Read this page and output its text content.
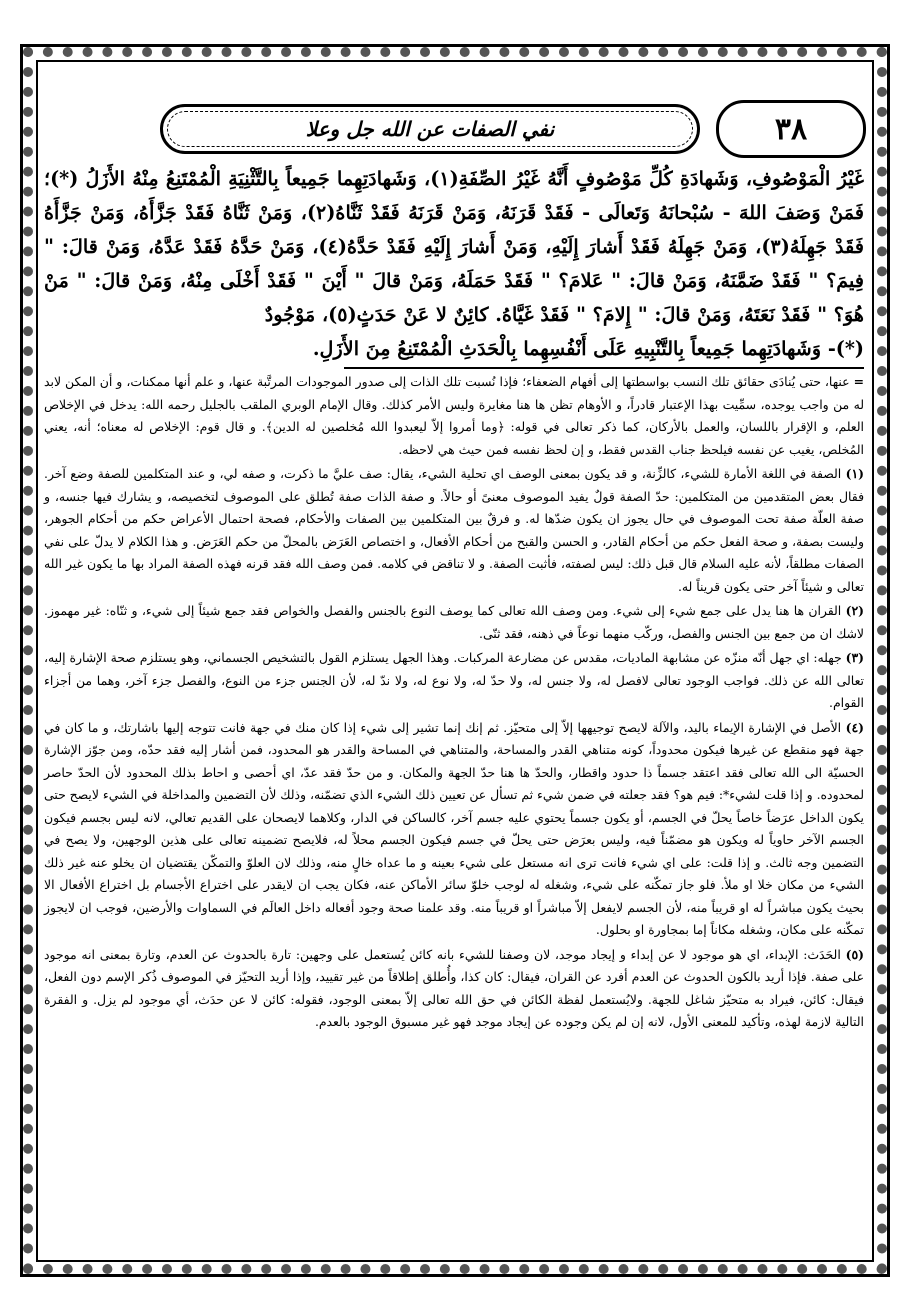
نفي الصفات عن الله جل وعلا	٣٨

غَيْرُ الْمَوْصُوفِ، وَشَهادَةِ كُلِّ مَوْصُوفٍ أَنَّهُ غَيْرُ الصِّفَةِ(١)، وَشَهادَتِهِما جَمِيعاً بِالتَّثْنِيَةِ الْمُمْتَنِعُ مِنْهُ الأَزَلُ (*)؛ فَمَنْ وَصَفَ اللهَ - سُبْحانَهُ وَتَعالَى - فَقَدْ قَرَنَهُ، وَمَنْ قَرَنَهُ فَقَدْ ثَنَّاهُ(٢)، وَمَنْ ثَنَّاهُ فَقَدْ جَزَّأَهُ، وَمَنْ جَزَّأَهُ فَقَدْ جَهِلَهُ(٣)، وَمَنْ جَهِلَهُ فَقَدْ أَشارَ إِلَيْهِ، وَمَنْ أَشارَ إِلَيْهِ فَقَدْ حَدَّهُ(٤)، وَمَنْ حَدَّهُ فَقَدْ عَدَّهُ، وَمَنْ قالَ: " فِيمَ؟ " فَقَدْ ضَمَّنَهُ، وَمَنْ قالَ: " عَلامَ؟ " فَقَدْ حَمَلَهُ، وَمَنْ قالَ " أَيْنَ " فَقَدْ أَخْلَى مِنْهُ، وَمَنْ قالَ: " مَنْ هُوَ؟ " فَقَدْ نَعَتَهُ، وَمَنْ قالَ: " إِلامَ؟ " فَقَدْ غَيَّاهُ. كائِنٌ لا عَنْ حَدَثٍ(٥)، مَوْجُودٌ

(*)- وَشَهادَتِهِما جَمِيعاً بِالتَّنْبِيهِ عَلَى أَنْفُسِهِما بِالْحَدَثِ الْمُمْتَنِعُ مِنَ الأَزَلِ.

= عنها، حتى يُنادَى حقائق تلك النسب بواسطتها إلى أفهام الضعفاء؛ فإذا نُسبت تلك الذات إلى صدور الموجودات المرتَّبة عنها، و علم أنها ممكنات، و أن المكن لابد له من واجب يوجده، سمِّيت بهذا الإعتبار قادراً، و الأوهام تظن ها هنا مغايرة وليس الأمر كذلك. وقال الإمام الوبري الملقب بالجليل رحمه الله: يدخل في الإخلاص العلم، و الإقرار باللسان، والعمل بالأركان، كما ذكر تعالى في قوله: ﴿وما أمروا إلاّ ليعبدوا الله مُخلصين له الدين﴾. و قال قوم: الإخلاص له معناه؛ أنه، يعني المُخلص، يغيب عن نفسه فيلحظ جناب القدس فقط، و إن لحظ نفسه فمن حيث هي لاحظه.

(١) الصفة في اللغة الأمارة للشيء، كالزِّنة، و قد يكون بمعنى الوصف اي تحلية الشيء، يقال: صف عليَّ ما ذكرت، و صفه لي، و عند المتكلمين للصفة وضع آخر. فقال بعض المتقدمين من المتكلمين: حدّ الصفة قولٌ يفيد الموصوف معنىً أو حالاً. و صفة الذات صفة تُطلق على الموصوف لتخصيصه، و يشارك فيها جنسه، و صفة العلّة صفة تحت الموصوف في حال يجوز ان يكون ضدّها له. و فرقٌ بين المتكلمين بين الصفات والأحكام، فصحة احتمال الأعراض حكم من أحكام الجوهر، وليست بصفة، و صحة الفعل حكم من أحكام القادر، و الحسن والقبح من أحكام الأفعال، و اختصاص العَرَض بالمحلّ من حكم العَرَض. و هذا الكلام لا يدلّ على نفي الصفات مطلقاً، لأنه عليه السلام قال قبل ذلك: ليس لصفته، فأثبت الصفة. و لا تناقض في كلامه. فمن وصف الله فقد قرنه فهذه الصفة المراد بها ما يكون غير الله تعالى و شيئاً آخر حتى يكون قريناً له.

(٢) القران ها هنا يدل على جمع شيء إلى شيء. ومن وصف الله تعالى كما يوصف النوع بالجنس والفصل والخواص فقد جمع شيئاً إلى شيء، و ثنّاه: غير مهموز. لاشك ان من جمع بين الجنس والفصل، وركّب منهما نوعاً في ذهنه، فقد ثنّى.

(٣) جهله: اي جهل أنّه منزّه عن مشابهة الماديات، مقدس عن مضارعة المركبات. وهذا الجهل يستلزم القول بالتشخيص الجسماني، وهو يستلزم صحة الإشارة إليه، تعالى الله عن ذلك. فواجب الوجود تعالى لافصل له، ولا جنس له، ولا حدّ له، ولا نوع له، ولا ندّ له، لأن الجنس جزء من النوع، والفصل جزء آخر، وهما من أجزاء القوام.

(٤) الأصل في الإشارة الإيماء باليد، والآلة لايصح توجيهها إلاّ إلى متحيّز. ثم إنك إنما تشير إلى شيء إذا كان منك في جهة فانت تتوجه إليها باشارتك، و ما كان في جهة فهو منقطع عن غيرها فيكون محدوداً، كونه متناهي القدر والمساحة، والمتناهي في المساحة والقدر هو المحدود، فمن أشار إليه فقد حدّه، ومن جوّز الإشارة الحسيّة الى الله تعالى فقد اعتقد جسماً ذا حدود واقطار، والحدّ ها هنا حدّ الجهة والمكان. و من حدّ فقد عدّ، اي أحصى و احاط بذلك المحدود لأن الحدّ حاصر لمحدوده. و إذا قلت لشيء*: فيم هو؟ فقد جعلته في ضمن شيء ثم تسأل عن تعيين ذلك الشيء الذي تضمّنه، وذلك لأن التضمين والمداخلة في الشيء لايصح حتى يكون الداخل عرَضاً خاصاً يحلّ في الجسم، أو يكون جسماً يحتوي عليه جسم آخر، كالساكن في الدار، وكلاهما لايصحان على القديم تعالي، لانه ليس بجسم فيكون الجسم الآخر حاوياً له ويكون هو مضمّناً فيه، وليس بعرَض حتى يحلّ في جسم فيكون الجسم محلاً له، فلايصح تضمينه تعالى على هذين الوجهين، ولا يصح في التضمين وجه ثالث. و إذا قلت: على اي شيء فانت ترى انه مستعل على شيء بعينه و ما عداه خالٍ منه، وذلك لان العلوّ والتمكّن يقتضيان ان يخلو عنه غير ذلك الشيء من مكان خلا او ملأ. فلو جاز تمكّنه على شيء، وشغله له لوجب خلوّ سائر الأماكن عنه، فكان يجب ان لايقدر على اختراع الأجسام بل اختراع الأفعال الا بحيث يكون مباشراً له او قريباً منه، لأن الجسم لايفعل إلاّ مباشراً او قريباً منه. وقد علمنا صحة وجود أفعاله داخل العالَم في السماوات والأرضين، فوجب ان لايجوز تمكّنه على مكان، وشغله مكاناً إما بمجاورة او بحلول.

(٥) الحَدَث: الإبداء، اي هو موجود لا عن إبداء و إيجاد موجد، لان وصفنا للشيء بانه كائن يُستعمل على وجهين: تارة بالحدوث عن العدم، وتارة بمعنى انه موجود على صفة. فإذا أريد بالكون الحدوث عن العدم أفرد عن القران، فيقال: كان كذا، وأُطلق إطلاقاً من غير تقييد، وإذا أريد التحيّز في الموصوف ذُكر الإسم دون الفعل، فيقال: كائن، فيراد به متحيّز شاغل للجهة. ولايُستعمل لفظة الكائن في حق الله تعالى إلاّ بمعنى الوجود، فقوله: كائن لا عن حدَث، أي موجود لم يزل. و الفقرة التالية لازمة لهذه، وتأكيد للمعنى الأول، لانه إن لم يكن وجوده عن إيجاد موجد فهو غير مسبوق الوجود بالعدم.
